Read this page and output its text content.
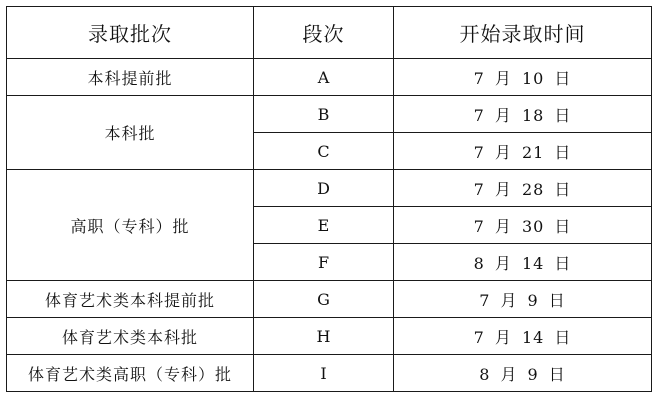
录取批次	段次	开始录取时间
本科提前批	A	7 月 10 日
本科批	B	7 月 18 日
	C	7 月 21 日
高职（专科）批	D	7 月 28 日
	E	7 月 30 日
	F	8 月 14 日
体育艺术类本科提前批	G	7 月 9 日
体育艺术类本科批	H	7 月 14 日
体育艺术类高职（专科）批	I	8 月 9 日
